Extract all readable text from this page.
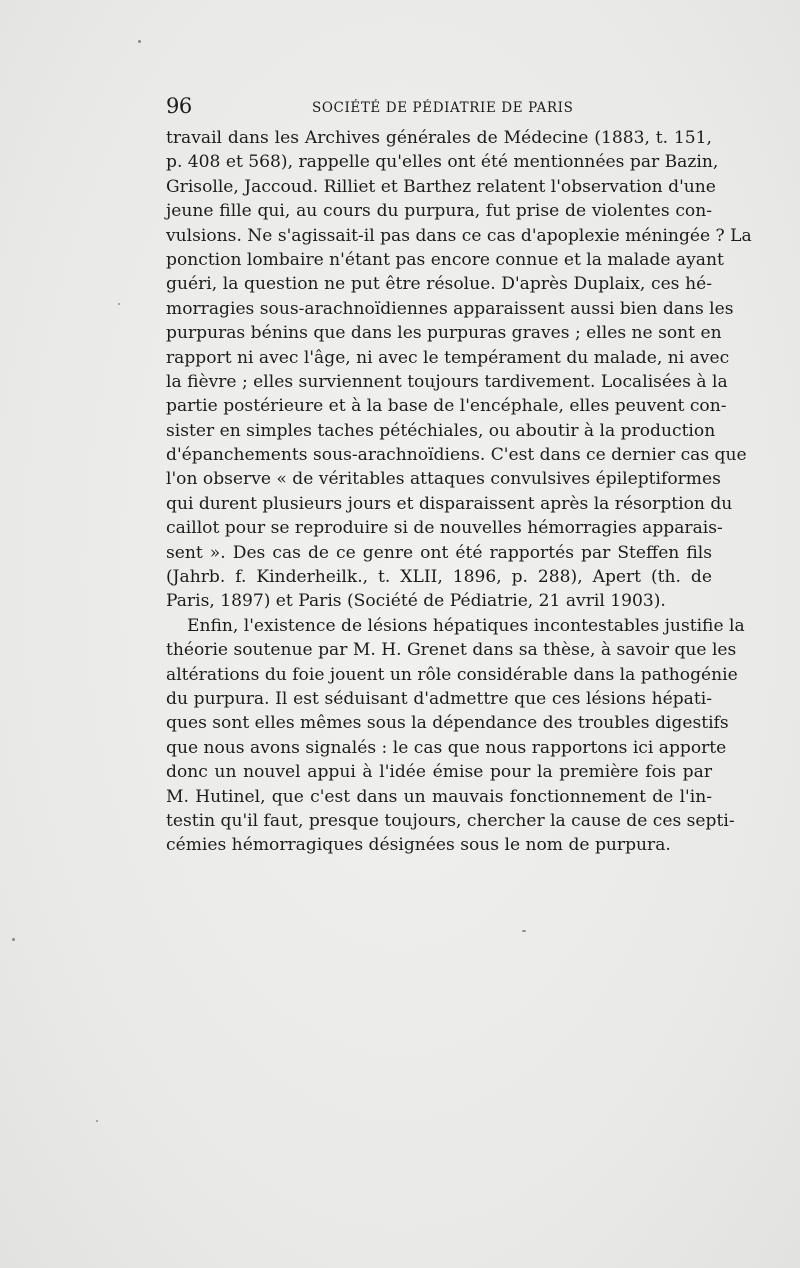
96	SOCIÉTÉ DE PÉDIATRIE DE PARIS
travail dans les Archives générales de Médecine (1883, t. 151,
p. 408 et 568), rappelle qu'elles ont été mentionnées par Bazin,
Grisolle, Jaccoud. Rilliet et Barthez relatent l'observation d'une
jeune fille qui, au cours du purpura, fut prise de violentes con-
vulsions. Ne s'agissait-il pas dans ce cas d'apoplexie méningée ? La
ponction lombaire n'étant pas encore connue et la malade ayant
guéri, la question ne put être résolue. D'après Duplaix, ces hé-
morragies sous-arachnoïdiennes apparaissent aussi bien dans les
purpuras bénins que dans les purpuras graves ; elles ne sont en
rapport ni avec l'âge, ni avec le tempérament du malade, ni avec
la fièvre ; elles surviennent toujours tardivement. Localisées à la
partie postérieure et à la base de l'encéphale, elles peuvent con-
sister en simples taches pétéchiales, ou aboutir à la production
d'épanchements sous-arachnoïdiens. C'est dans ce dernier cas que
l'on observe « de véritables attaques convulsives épileptiformes
qui durent plusieurs jours et disparaissent après la résorption du
caillot pour se reproduire si de nouvelles hémorragies apparais-
sent ». Des cas de ce genre ont été rapportés par Steffen fils
(Jahrb. f. Kinderheilk., t. XLII, 1896, p. 288), Apert (th. de
Paris, 1897) et Paris (Société de Pédiatrie, 21 avril 1903).
Enfin, l'existence de lésions hépatiques incontestables justifie la
théorie soutenue par M. H. Grenet dans sa thèse, à savoir que les
altérations du foie jouent un rôle considérable dans la pathogénie
du purpura. Il est séduisant d'admettre que ces lésions hépati-
ques sont elles mêmes sous la dépendance des troubles digestifs
que nous avons signalés : le cas que nous rapportons ici apporte
donc un nouvel appui à l'idée émise pour la première fois par
M. Hutinel, que c'est dans un mauvais fonctionnement de l'in-
testin qu'il faut, presque toujours, chercher la cause de ces septi-
cémies hémorragiques désignées sous le nom de purpura.
